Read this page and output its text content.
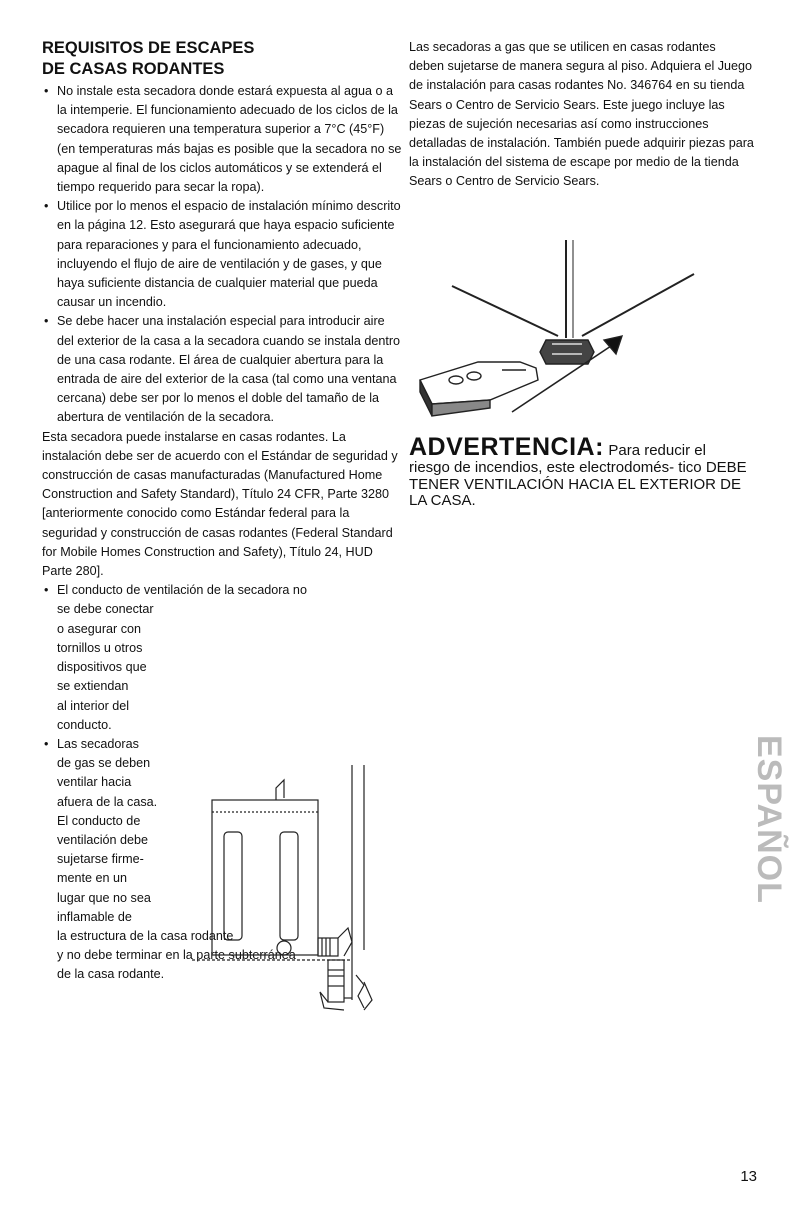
REQUISITOS DE ESCAPES
DE CASAS RODANTES

• No instale esta secadora donde estará expuesta al agua o a la intemperie. El funcionamiento adecuado de los ciclos de la secadora requieren una temperatura superior a 7°C (45°F) (en temperaturas más bajas es posible que la secadora no se apague al final de los ciclos automáticos y se extenderá el tiempo requerido para secar la ropa).

• Utilice por lo menos el espacio de instalación mínimo descrito en la página 12. Esto asegurará que haya espacio suficiente para reparaciones y para el funcionamiento adecuado, incluyendo el flujo de aire de ventilación y de gases, y que haya suficiente distancia de cualquier material que pueda causar un incendio.

• Se debe hacer una instalación especial para introducir aire del exterior de la casa a la secadora cuando se instala dentro de una casa rodante. El área de cualquier abertura para la entrada de aire del exterior de la casa (tal como una ventana cercana) debe ser por lo menos el doble del tamaño de la abertura de ventilación de la secadora.

Esta secadora puede instalarse en casas rodantes. La instalación debe ser de acuerdo con el Estándar de seguridad y construcción de casas manufacturadas (Manufactured Home Construction and Safety Standard), Título 24 CFR, Parte 3280 [anteriormente conocido como Estándar federal para la seguridad y construcción de casas rodantes (Federal Standard for Mobile Homes Construction and Safety), Título 24, HUD Parte 280].

• El conducto de ventilación de la secadora no
se debe conectar
o asegurar con
tornillos u otros
dispositivos que
se extiendan
al interior del
conducto.
• Las secadoras
de gas se deben
ventilar hacia
afuera de la casa.
El conducto de
ventilación debe
sujetarse firme-
mente en un
lugar que no sea
inflamable de
la estructura de la casa rodante
y no debe terminar en la parte subterránea
de la casa rodante.

Las secadoras a gas que se utilicen en casas rodantes deben sujetarse de manera segura al piso. Adquiera el Juego de instalación para casas rodantes No. 346764 en su tienda Sears o Centro de Servicio Sears. Este juego incluye las piezas de sujeción necesarias así como instrucciones detalladas de instalación. También puede adquirir piezas para la instalación del sistema de escape por medio de la tienda Sears o Centro de Servicio Sears.

ADVERTENCIA: Para reducir el
riesgo de incendios, este electrodomés- tico DEBE TENER VENTILACIÓN HACIA EL EXTERIOR DE LA CASA.
ESPAÑOL
13
